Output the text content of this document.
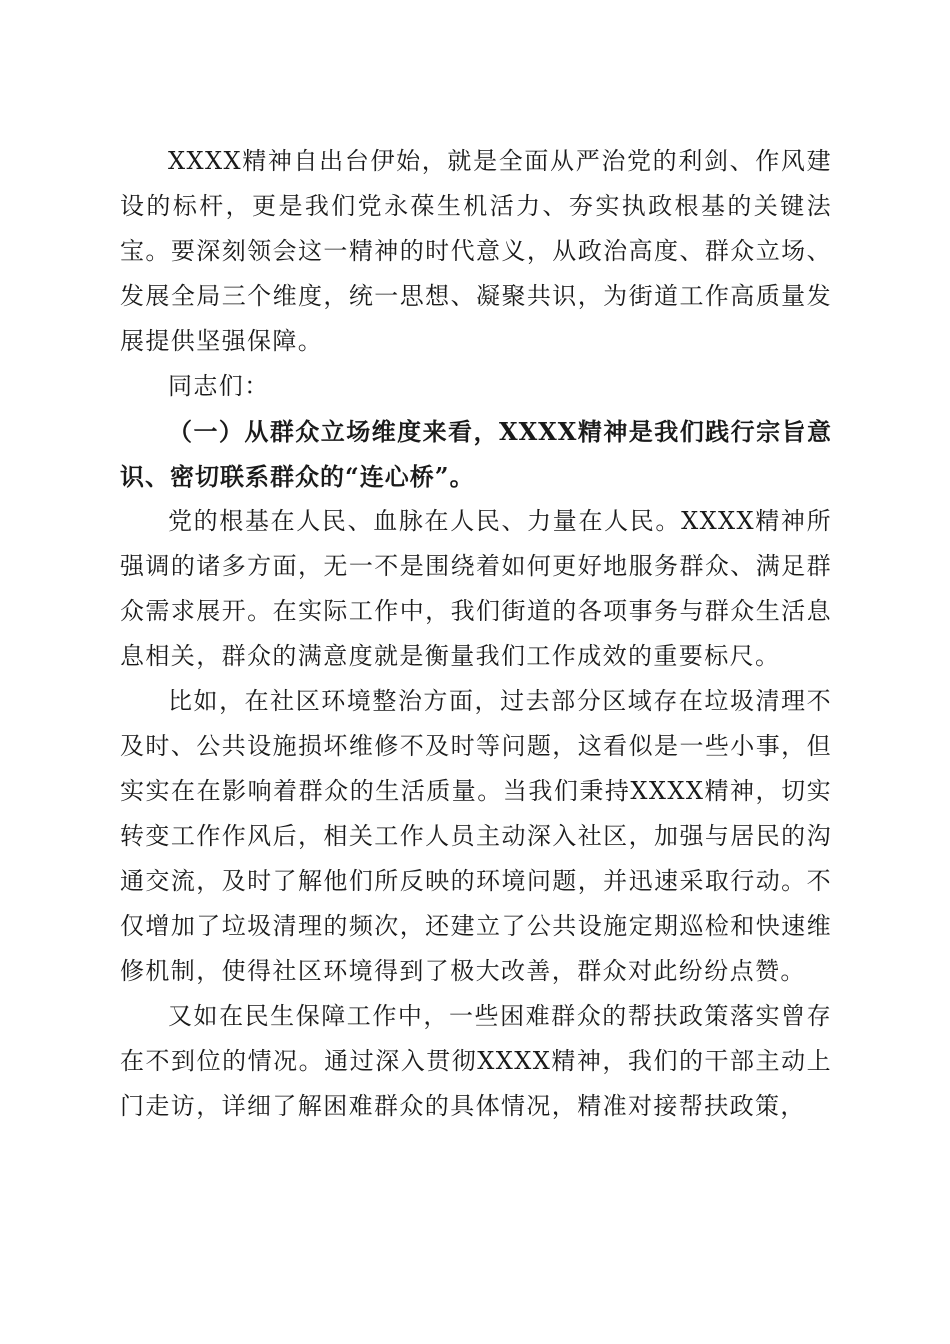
XXXX精神自出台伊始，就是全面从严治党的利剑、作风建设的标杆，更是我们党永葆生机活力、夯实执政根基的关键法宝。要深刻领会这一精神的时代意义，从政治高度、群众立场、发展全局三个维度，统一思想、凝聚共识，为街道工作高质量发展提供坚强保障。

同志们：

（一）从群众立场维度来看，XXXX精神是我们践行宗旨意识、密切联系群众的“连心桥”。

党的根基在人民、血脉在人民、力量在人民。XXXX精神所强调的诸多方面，无一不是围绕着如何更好地服务群众、满足群众需求展开。在实际工作中，我们街道的各项事务与群众生活息息相关，群众的满意度就是衡量我们工作成效的重要标尺。

比如，在社区环境整治方面，过去部分区域存在垃圾清理不及时、公共设施损坏维修不及时等问题，这看似是一些小事，但实实在在影响着群众的生活质量。当我们秉持XXXX精神，切实转变工作作风后，相关工作人员主动深入社区，加强与居民的沟通交流，及时了解他们所反映的环境问题，并迅速采取行动。不仅增加了垃圾清理的频次，还建立了公共设施定期巡检和快速维修机制，使得社区环境得到了极大改善，群众对此纷纷点赞。

又如在民生保障工作中，一些困难群众的帮扶政策落实曾存在不到位的情况。通过深入贯彻XXXX精神，我们的干部主动上门走访，详细了解困难群众的具体情况，精准对接帮扶政策，
